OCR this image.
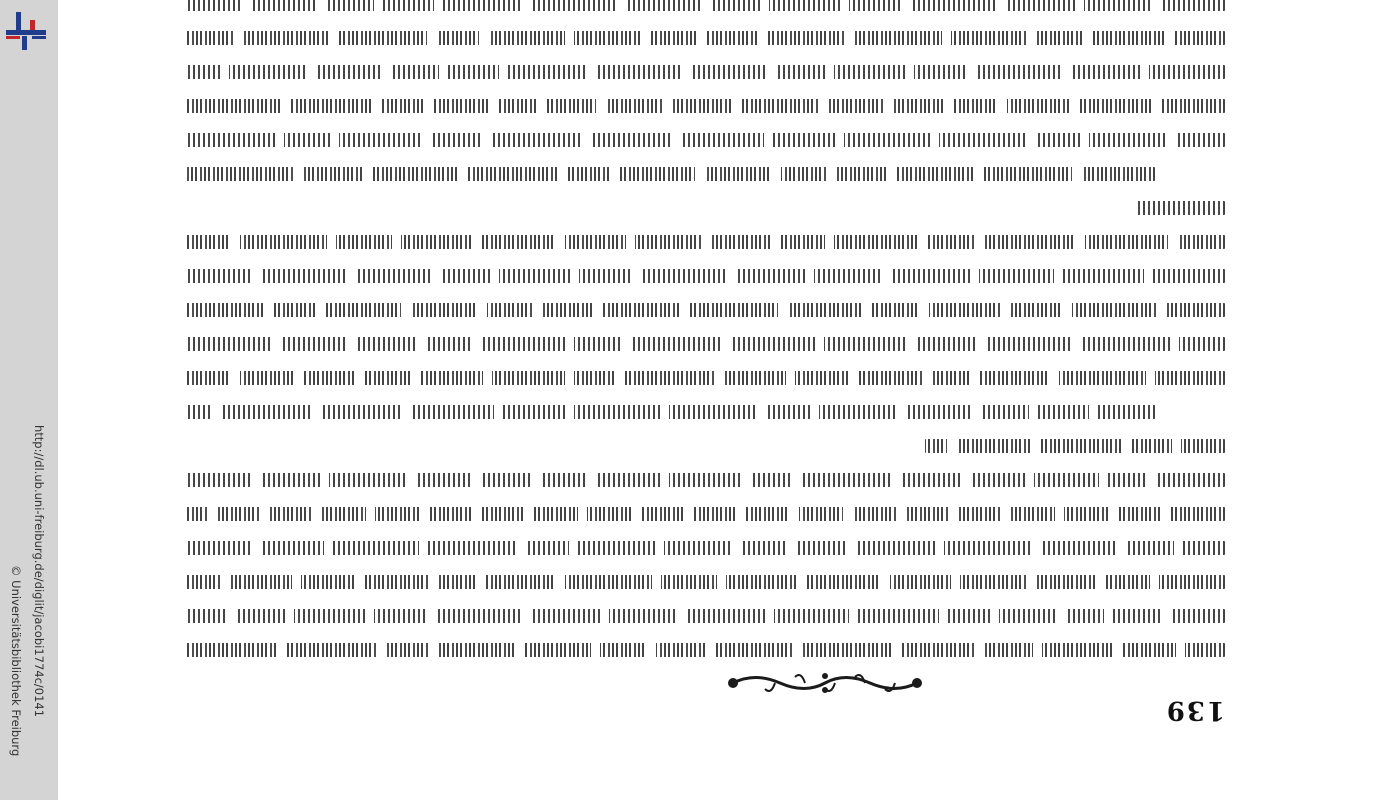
http://dl.ub.uni-freiburg.de/diglit/jacobi1774c/0141
© Universitätsbibliothek Freiburg	139
